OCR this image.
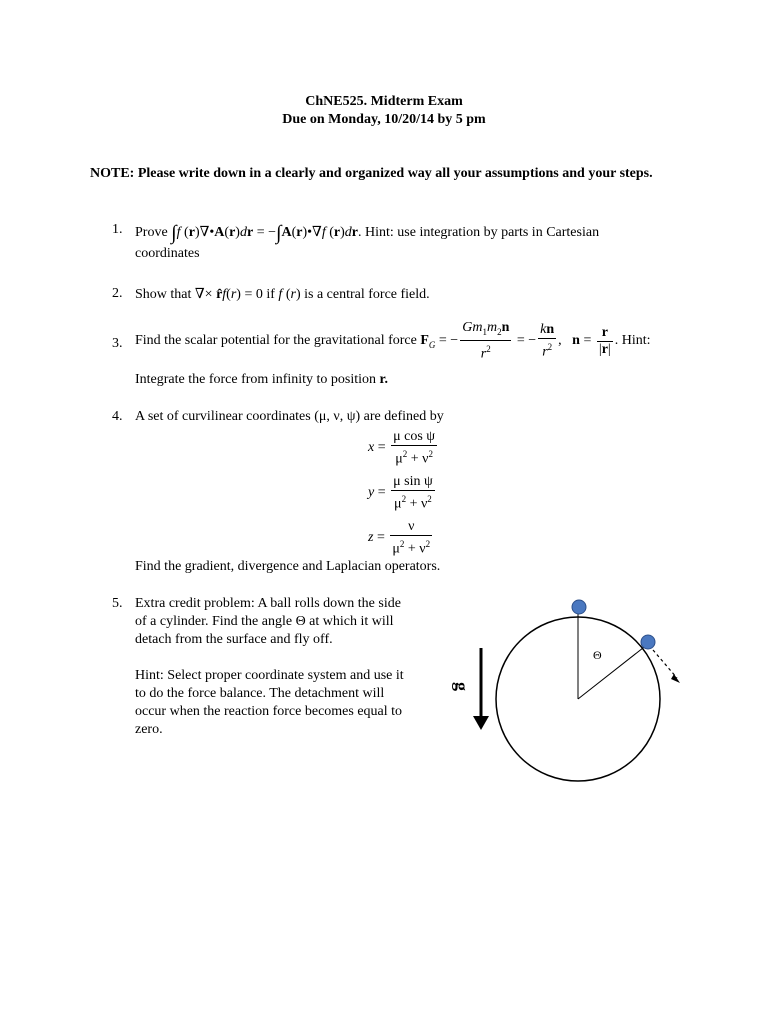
ChNE525. Midterm Exam
Due on Monday, 10/20/14 by 5 pm
NOTE: Please write down in a clearly and organized way all your assumptions and your steps.
1. Prove ∫f (r)∇•A(r)dr = −∫A(r)•∇f (r)dr. Hint: use integration by parts in Cartesian
coordinates
2. Show that ∇× r̂f(r) = 0 if f (r) is a central force field.
3. Find the scalar potential for the gravitational force $F_G$ = − $\frac{Gm_1m_2n}{r^2}$ = − $\frac{kn}{r^2}$ ,   $n = \frac{r}{|r|}$ . Hint:
Integrate the force from infinity to position r.
4. A set of curvilinear coordinates (μ, ν, ψ) are defined by
$x = \frac{\text{μ cos ψ}}{\mu^2 + \nu^2}$
$y = \frac{\text{μ sin ψ}}{\mu^2 + \nu^2}$
$z = \frac{\nu}{\mu^2 + \nu^2}$
Find the gradient, divergence and Laplacian operators.
5. Extra credit problem: A ball rolls down the side
of a cylinder. Find the angle Θ at which it will
detach from the surface and fly off.
Hint: Select proper coordinate system and use it
to do the force balance. The detachment will
occur when the reaction force becomes equal to
zero.
g
Θ
